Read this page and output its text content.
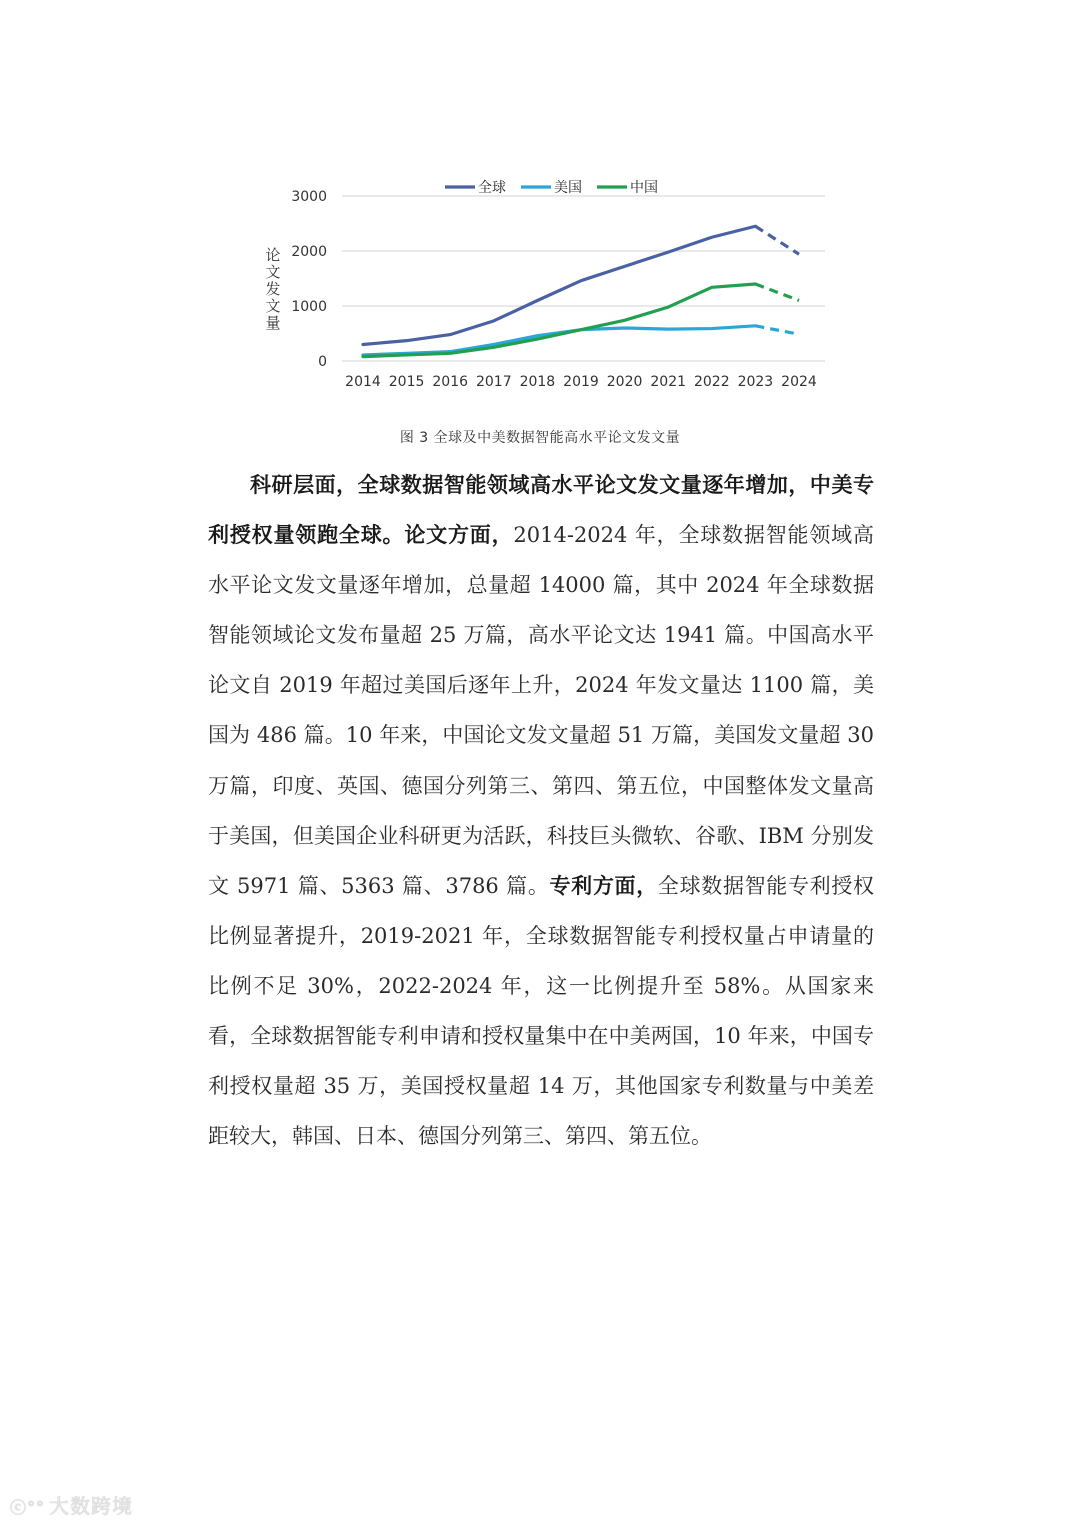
0
1000
2000
3000
论
文
发
文
量
2014 2015 2016 2017 2018 2019 2020 2021 2022 2023 2024
全球	美国	中国
图 3 全球及中美数据智能高水平论文发文量

科研层面，全球数据智能领域高水平论文发文量逐年增加，中美专利授权量领跑全球。论文方面，2014-2024 年，全球数据智能领域高水平论文发文量逐年增加，总量超 14000 篇，其中 2024 年全球数据智能领域论文发布量超 25 万篇，高水平论文达 1941 篇。中国高水平论文自 2019 年超过美国后逐年上升，2024 年发文量达 1100 篇，美国为 486 篇。10 年来，中国论文发文量超 51 万篇，美国发文量超 30 万篇，印度、英国、德国分列第三、第四、第五位，中国整体发文量高于美国，但美国企业科研更为活跃，科技巨头微软、谷歌、IBM 分别发文 5971 篇、5363 篇、3786 篇。专利方面，全球数据智能专利授权比例显著提升，2019-2021 年，全球数据智能专利授权量占申请量的比例不足 30%，2022-2024 年，这一比例提升至 58%。从国家来看，全球数据智能专利申请和授权量集中在中美两国，10 年来，中国专利授权量超 35 万，美国授权量超 14 万，其他国家专利数量与中美差距较大，韩国、日本、德国分列第三、第四、第五位。

ⓒ°° 大数跨境
